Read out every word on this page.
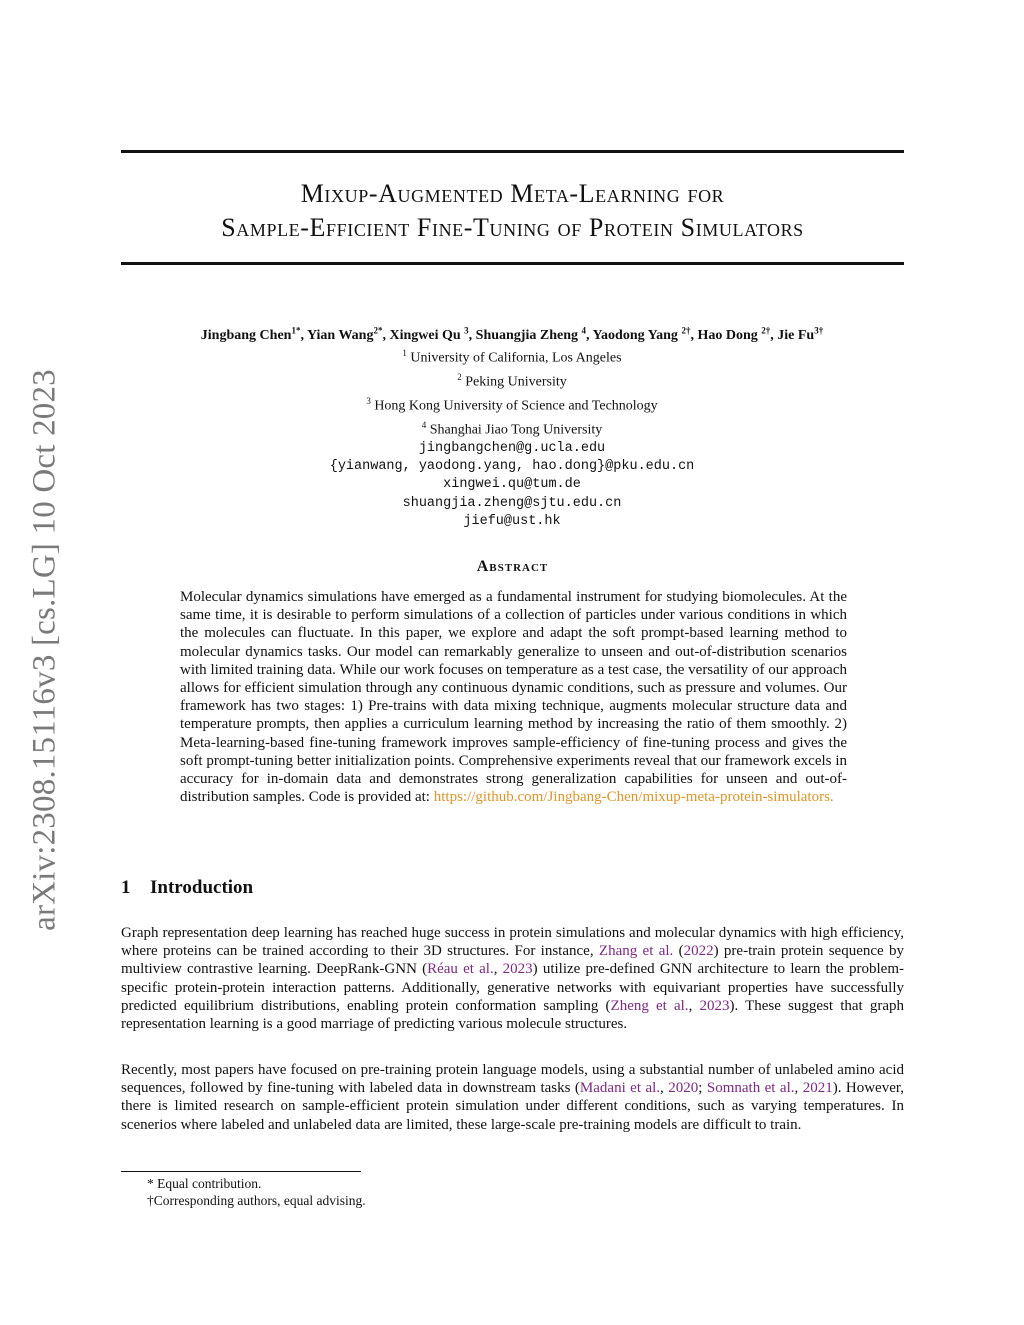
arXiv:2308.15116v3 [cs.LG] 10 Oct 2023
Mixup-Augmented Meta-Learning for
Sample-Efficient Fine-Tuning of Protein Simulators
Jingbang Chen$^{1*}$, Yian Wang$^{2*}$, Xingwei Qu $^3$, Shuangjia Zheng $^4$, Yaodong Yang $^{2\dagger}$, Hao Dong $^{2\dagger}$, Jie $Fu^{3\dagger}$
$^1$ University of California, Los Angeles
$^2$ Peking University
$^3$ Hong Kong University of Science and Technology
$^4$ Shanghai Jiao Tong University
jingbangchen@g.ucla.edu
{yianwang, yaodong.yang, hao.dong}@pku.edu.cn
xingwei.qu@tum.de
shuangjia.zheng@sjtu.edu.cn
jiefu@ust.hk
Abstract
Molecular dynamics simulations have emerged as a fundamental instrument for studying biomolecules. At the same time, it is desirable to perform simulations of a collection of particles under various conditions in which the molecules can fluctuate. In this paper, we explore and adapt the soft prompt-based learning method to molecular dynamics tasks. Our model can remarkably generalize to unseen and out-of-distribution scenarios with limited training data. While our work focuses on temperature as a test case, the versatility of our approach allows for efficient simulation through any continuous dynamic conditions, such as pressure and volumes. Our framework has two stages: 1) Pre-trains with data mixing technique, augments molecular structure data and temperature prompts, then applies a curriculum learning method by increasing the ratio of them smoothly. 2) Meta-learning-based fine-tuning framework improves sample-efficiency of fine-tuning process and gives the soft prompt-tuning better initialization points. Comprehensive experiments reveal that our framework excels in accuracy for in-domain data and demonstrates strong generalization capabilities for unseen and out-of-distribution samples. Code is provided at: https://github.com/Jingbang-Chen/mixup-meta-protein-simulators.
1 Introduction

Graph representation deep learning has reached huge success in protein simulations and molecular dynamics with high efficiency, where proteins can be trained according to their 3D structures. For instance, Zhang et al. (2022) pre-train protein sequence by multiview contrastive learning. DeepRank-GNN (Réau et al., 2023) utilize pre-defined GNN architecture to learn the problem-specific protein-protein interaction patterns. Additionally, generative networks with equivariant properties have successfully predicted equilibrium distributions, enabling protein conformation sampling (Zheng et al., 2023). These suggest that graph representation learning is a good marriage of predicting various molecule structures.

Recently, most papers have focused on pre-training protein language models, using a substantial number of unlabeled amino acid sequences, followed by fine-tuning with labeled data in downstream tasks (Madani et al., 2020; Somnath et al., 2021). However, there is limited research on sample-efficient protein simulation under different conditions, such as varying temperatures. In scenerios where labeled and unlabeled data are limited, these large-scale pre-training models are difficult to train.

* Equal contribution.
†Corresponding authors, equal advising.
